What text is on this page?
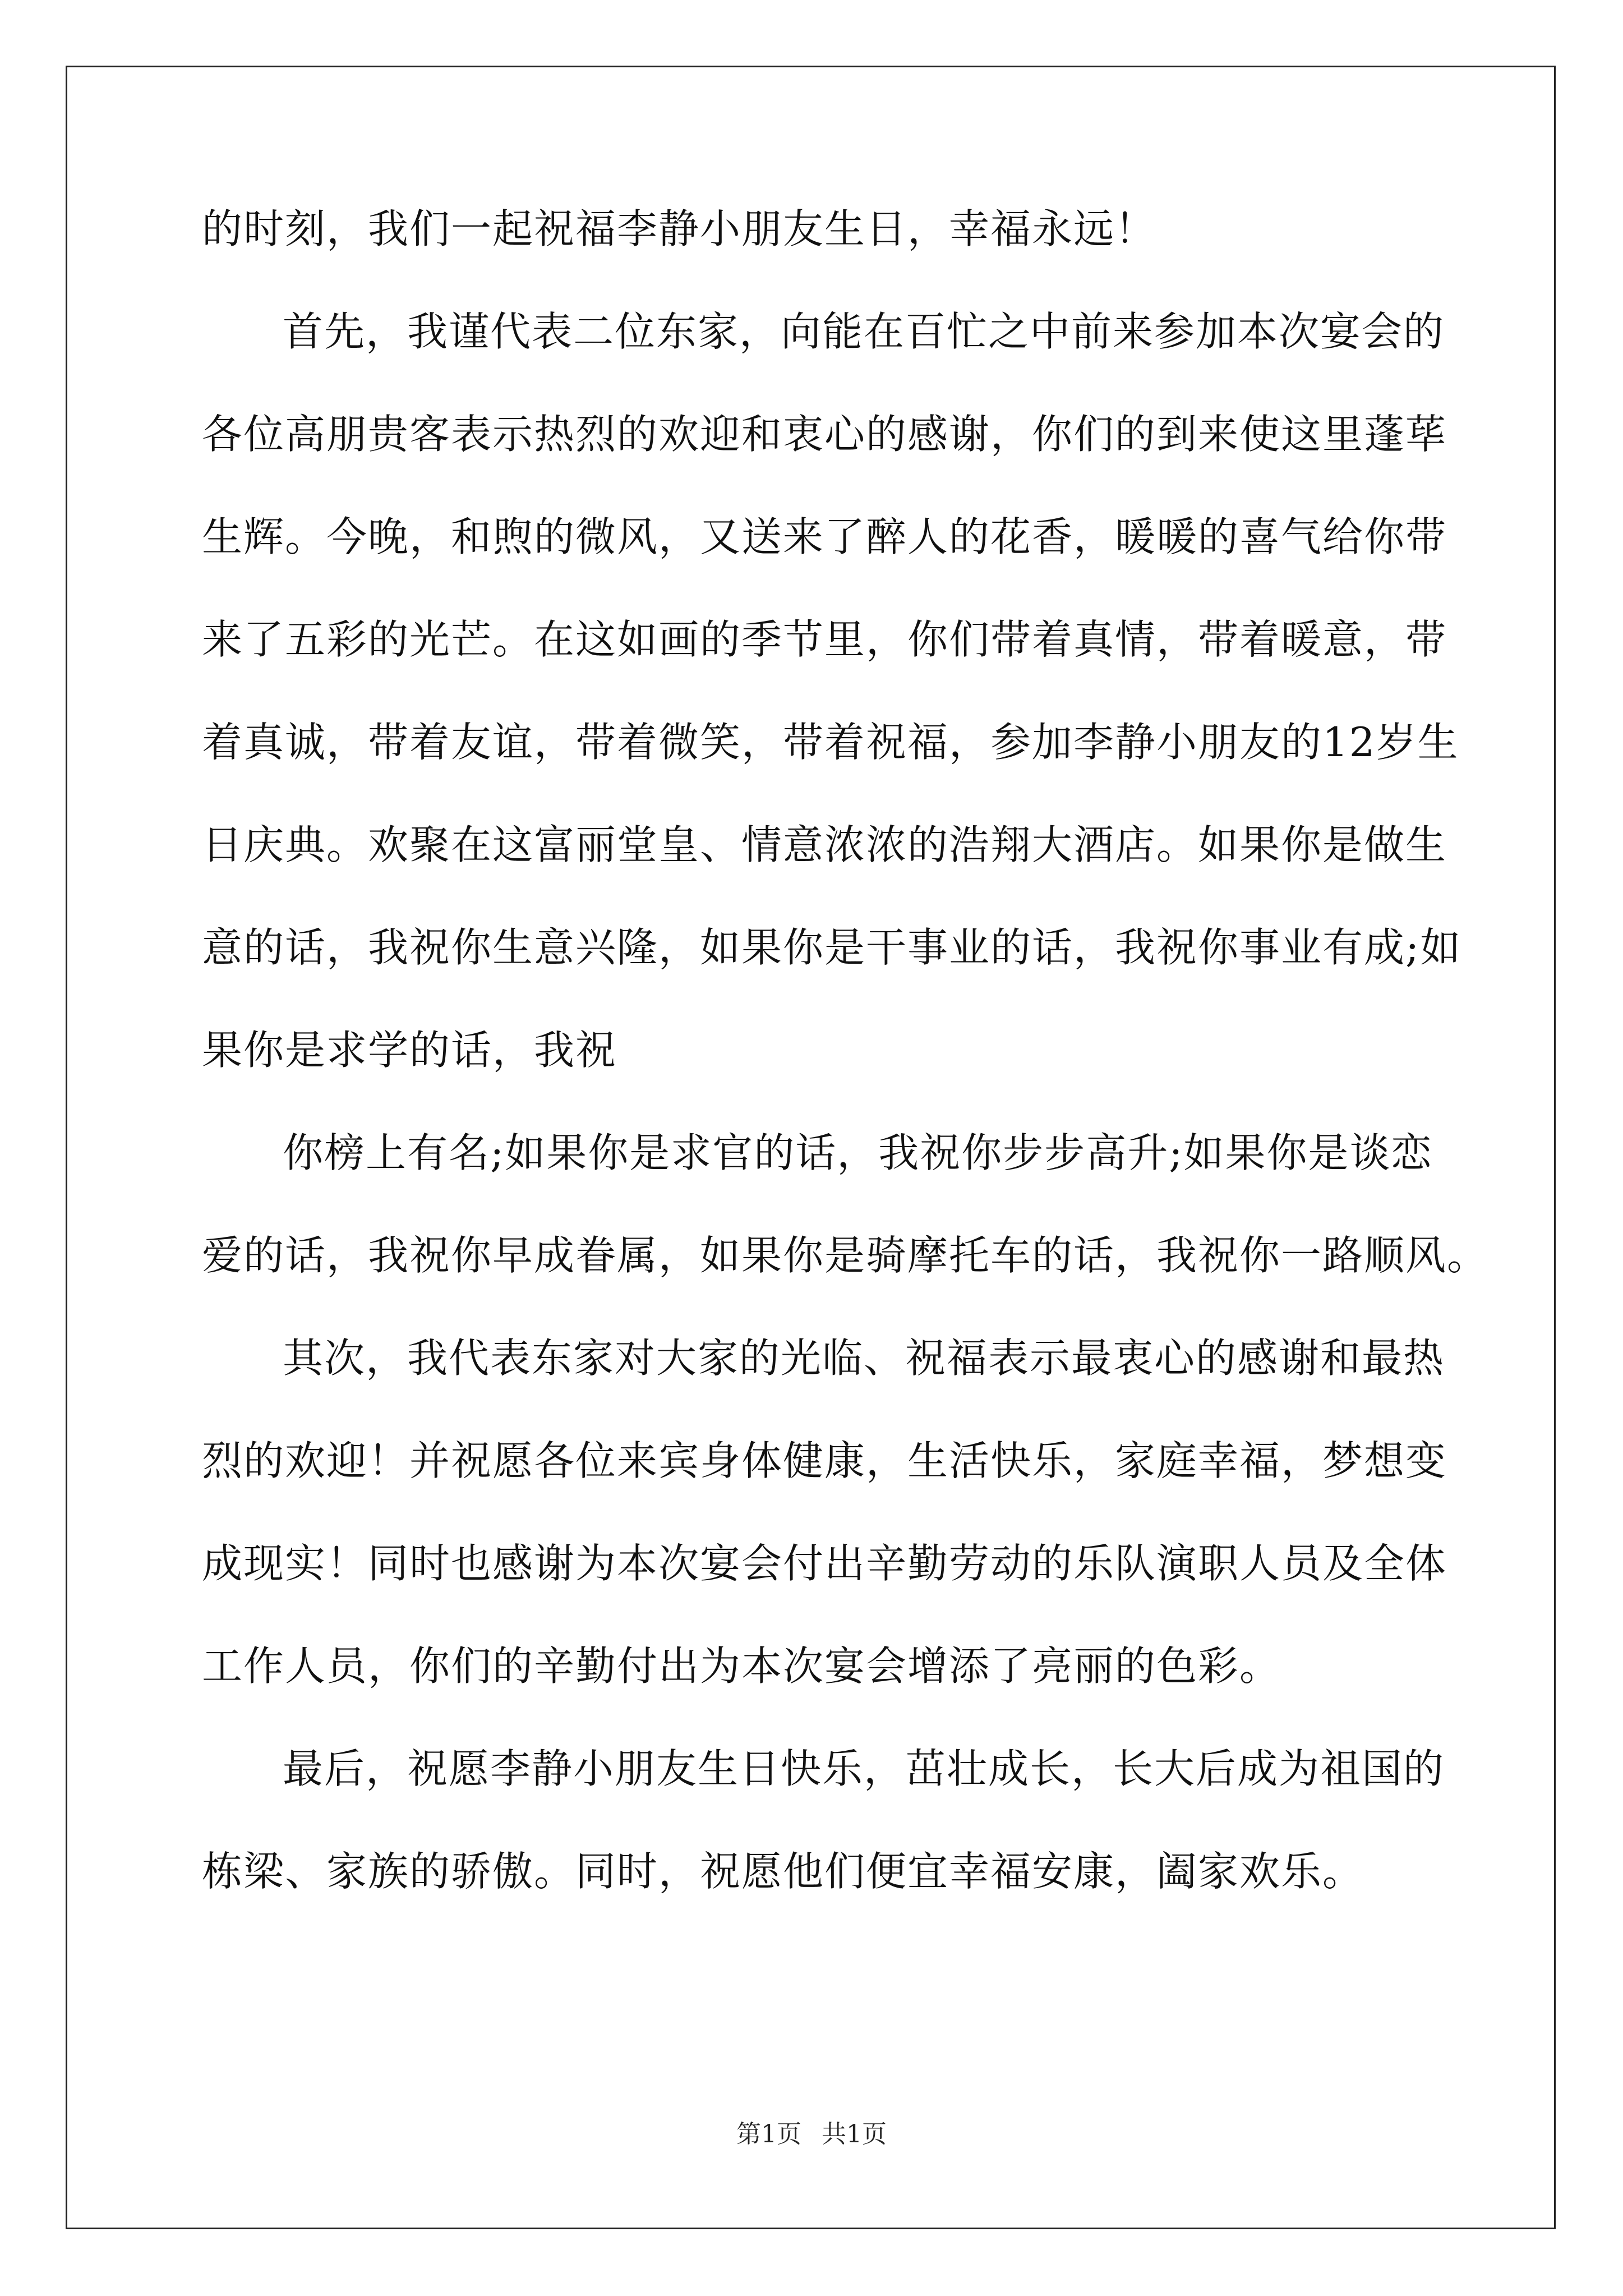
的时刻，我们一起祝福李静小朋友生日，幸福永远！
首先，我谨代表二位东家，向能在百忙之中前来参加本次宴会的
各位高朋贵客表示热烈的欢迎和衷心的感谢，你们的到来使这里蓬荜
生辉。今晚，和煦的微风，又送来了醉人的花香，暖暖的喜气给你带
来了五彩的光芒。在这如画的季节里，你们带着真情，带着暖意，带
着真诚，带着友谊，带着微笑，带着祝福，参加李静小朋友的12岁生
日庆典。欢聚在这富丽堂皇、情意浓浓的浩翔大酒店。如果你是做生
意的话，我祝你生意兴隆，如果你是干事业的话，我祝你事业有成;如
果你是求学的话，我祝
你榜上有名;如果你是求官的话，我祝你步步高升;如果你是谈恋
爱的话，我祝你早成眷属，如果你是骑摩托车的话，我祝你一路顺风。
其次，我代表东家对大家的光临、祝福表示最衷心的感谢和最热
烈的欢迎！并祝愿各位来宾身体健康，生活快乐，家庭幸福，梦想变
成现实！同时也感谢为本次宴会付出辛勤劳动的乐队演职人员及全体
工作人员，你们的辛勤付出为本次宴会增添了亮丽的色彩。
最后，祝愿李静小朋友生日快乐，茁壮成长，长大后成为祖国的
栋梁、家族的骄傲。同时，祝愿他们便宜幸福安康，阖家欢乐。
第1页 共1页
